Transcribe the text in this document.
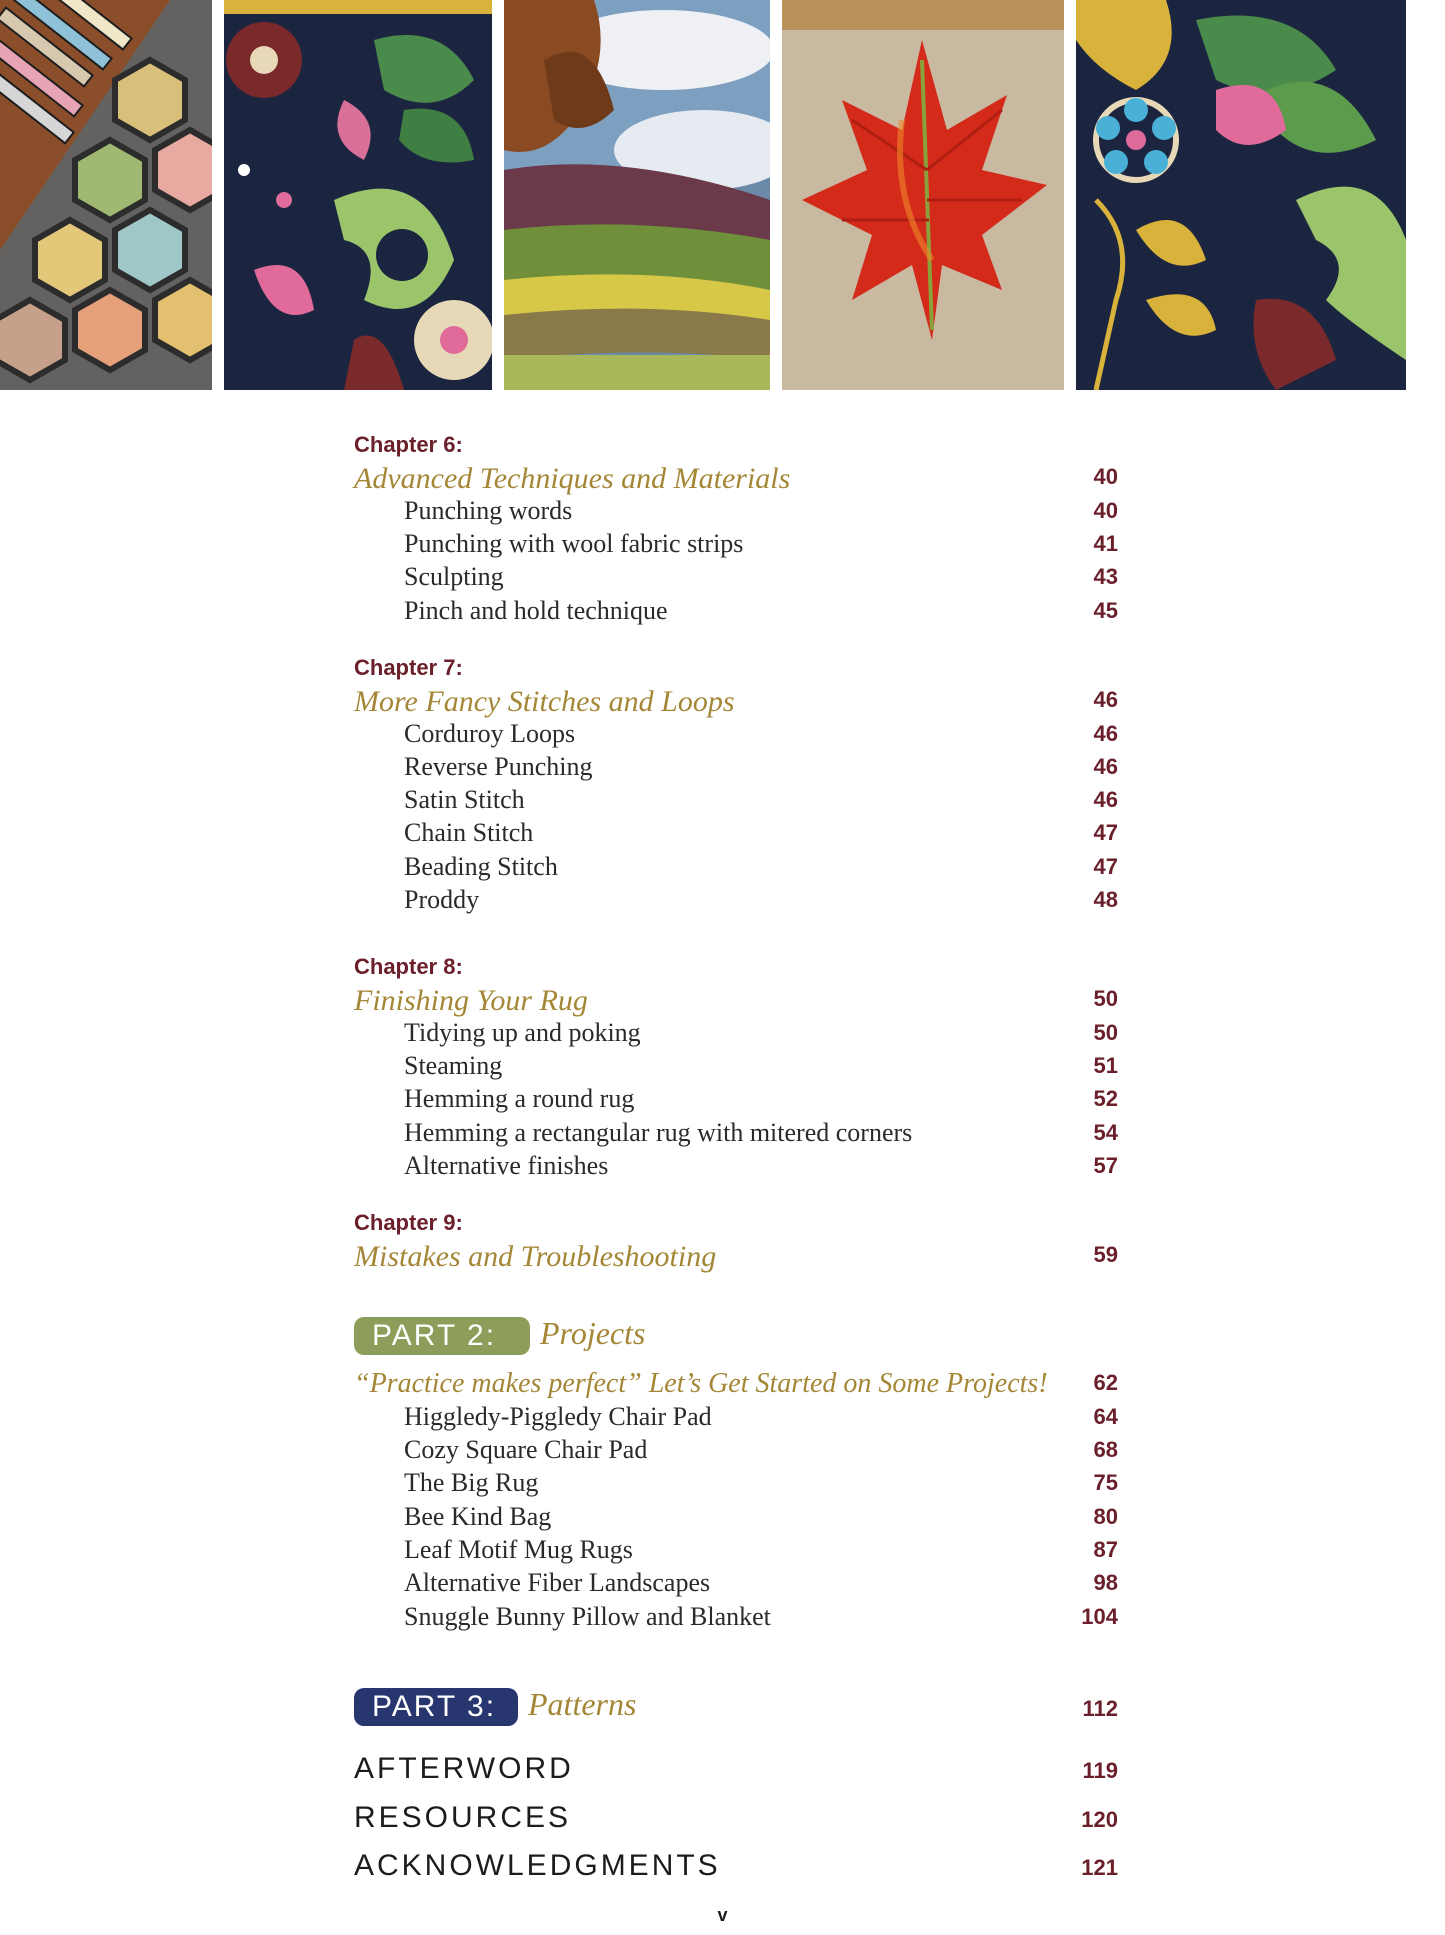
Chapter 6:
Advanced Techniques and Materials	40
Punching words	40
Punching with wool fabric strips	41
Sculpting	43
Pinch and hold technique	45
Chapter 7:
More Fancy Stitches and Loops	46
Corduroy Loops	46
Reverse Punching	46
Satin Stitch	46
Chain Stitch	47
Beading Stitch	47
Proddy	48
Chapter 8:
Finishing Your Rug	50
Tidying up and poking	50
Steaming	51
Hemming a round rug	52
Hemming a rectangular rug with mitered corners	54
Alternative finishes	57
Chapter 9:
Mistakes and Troubleshooting	59
PART 2:	Projects
“Practice makes perfect” Let’s Get Started on Some Projects! 62
Higgledy-Piggledy Chair Pad	64
Cozy Square Chair Pad	68
The Big Rug	75
Bee Kind Bag	80
Leaf Motif Mug Rugs	87
Alternative Fiber Landscapes	98
Snuggle Bunny Pillow and Blanket	104
PART 3: Patterns	112
AFTERWORD	119
RESOURCES	120
ACKNOWLEDGMENTS	121
v
